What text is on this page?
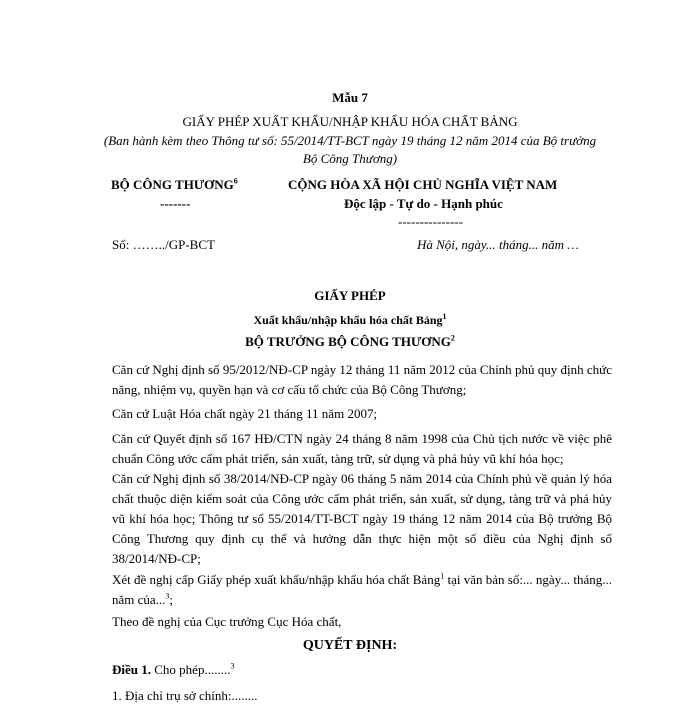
Mẫu 7
GIẤY PHÉP XUẤT KHẨU/NHẬP KHẨU HÓA CHẤT BẢNG
(Ban hành kèm theo Thông tư số: 55/2014/TT-BCT ngày 19 tháng 12 năm 2014 của Bộ trưởng
Bộ Công Thương)
BỘ CÔNG THƯƠNG$^6$
-------
Số: ……../GP-BCT
CỘNG HÒA XÃ HỘI CHỦ NGHĨA VIỆT NAM
Độc lập - Tự do - Hạnh phúc
---------------
Hà Nội, ngày... tháng... năm …
GIẤY PHÉP
Xuất khẩu/nhập khẩu hóa chất Bảng$^1$
BỘ TRƯỞNG BỘ CÔNG THƯƠNG$^2$
Căn cứ Nghị định số 95/2012/NĐ-CP ngày 12 tháng 11 năm 2012 của Chính phủ quy định chức năng, nhiệm vụ, quyền hạn và cơ cấu tổ chức của Bộ Công Thương;
Căn cứ Luật Hóa chất ngày 21 tháng 11 năm 2007;
Căn cứ Quyết định số 167 HĐ/CTN ngày 24 tháng 8 năm 1998 của Chủ tịch nước về việc phê chuẩn Công ước cấm phát triển, sản xuất, tàng trữ, sử dụng và phá hủy vũ khí hóa học;
Căn cứ Nghị định số 38/2014/NĐ-CP ngày 06 tháng 5 năm 2014 của Chính phủ về quản lý hóa chất thuộc diện kiểm soát của Công ước cấm phát triển, sản xuất, sử dụng, tàng trữ và phá hủy vũ khí hóa học; Thông tư số 55/2014/TT-BCT ngày 19 tháng 12 năm 2014 của Bộ trưởng Bộ Công Thương quy định cụ thể và hướng dẫn thực hiện một số điều của Nghị định số 38/2014/NĐ-CP;
Xét đề nghị cấp Giấy phép xuất khẩu/nhập khẩu hóa chất Bảng$^1$ tại văn bản số:... ngày... tháng... năm của...$^3$;
Theo đề nghị của Cục trưởng Cục Hóa chất,
QUYẾT ĐỊNH:
Điều 1. Cho phép........$^3$
1. Địa chỉ trụ sở chính:........
